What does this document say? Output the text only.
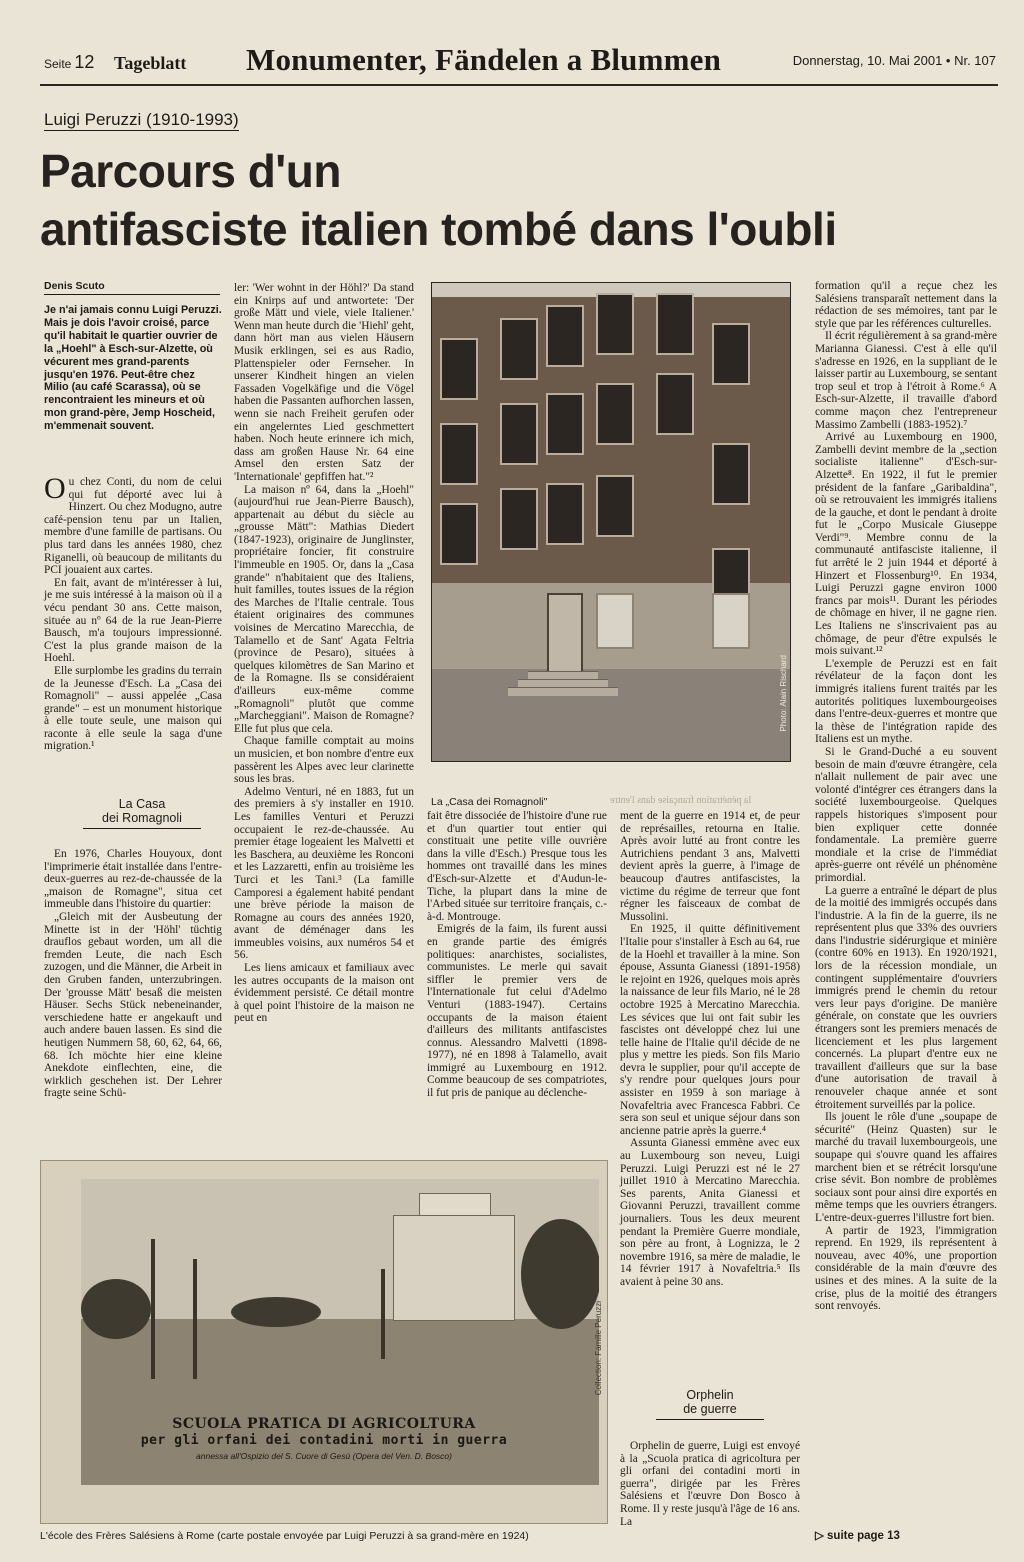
Seite 12 Tageblatt Monumenter, Fändelen a Blummen	Donnerstag, 10. Mai 2001 • Nr. 107
Luigi Peruzzi (1910-1993)
Parcours d'un
antifasciste italien tombé dans l'oubli
Denis Scuto
Je n'ai jamais connu Luigi Peruzzi. Mais je dois l'avoir croisé, parce qu'il habitait le quartier ouvrier de la „Hoehl" à Esch-sur-Alzette, où vécurent mes grand-parents jusqu'en 1976. Peut-être chez Milio (au café Scarassa), où se rencontraient les mineurs et où mon grand-père, Jemp Hoscheid, m'emmenait souvent.

Ou chez Conti, du nom de celui qui fut déporté avec lui à Hinzert. Ou chez Modugno, autre café-pension tenu par un Italien, membre d'une famille de partisans. Ou plus tard dans les années 1980, chez Riganelli, où beaucoup de militants du PCI jouaient aux cartes.

En fait, avant de m'intéresser à lui, je me suis intéressé à la maison où il a vécu pendant 30 ans. Cette maison, située au nº 64 de la rue Jean-Pierre Bausch, m'a toujours impressionné. C'est la plus grande maison de la Hoehl.

Elle surplombe les gradins du terrain de la Jeunesse d'Esch. La „Casa dei Romagnoli" – aussi appelée „Casa grande" – est un monument historique à elle toute seule, une maison qui raconte à elle seule la saga d'une migration.¹

La Casa
dei Romagnoli

En 1976, Charles Houyoux, dont l'imprimerie était installée dans l'entre-deux-guerres au rez-de-chaussée de la „maison de Romagne", situa cet immeuble dans l'histoire du quartier:

„Gleich mit der Ausbeutung der Minette ist in der 'Höhl' tüchtig drauflos gebaut worden, um all die fremden Leute, die nach Esch zuzogen, und die Männer, die Arbeit in den Gruben fanden, unterzubringen. Der 'grousse Mätt' besaß die meisten Häuser. Sechs Stück nebeneinander, verschiedene hatte er angekauft und auch andere bauen lassen. Es sind die heutigen Nummern 58, 60, 62, 64, 66, 68. Ich möchte hier eine kleine Anekdote einflechten, eine, die wirklich geschehen ist. Der Lehrer fragte seine Schü-

ler: 'Wer wohnt in der Höhl?' Da stand ein Knirps auf und antwortete: 'Der große Mätt und viele, viele Italiener.' Wenn man heute durch die 'Hiehl' geht, dann hört man aus vielen Häusern Musik erklingen, sei es aus Radio, Plattenspieler oder Fernseher. In unserer Kindheit hingen an vielen Fassaden Vogelkäfige und die Vögel haben die Passanten aufhorchen lassen, wenn sie nach Freiheit gerufen oder ein angelerntes Lied geschmettert haben. Noch heute erinnere ich mich, dass am großen Hause Nr. 64 eine Amsel den ersten Satz der 'Internationale' gepfiffen hat."²

La maison nº 64, dans la „Hoehl" (aujourd'hui rue Jean-Pierre Bausch), appartenait au début du siècle au „grousse Mätt": Mathias Diedert (1847-1923), originaire de Junglinster, propriétaire foncier, fit construire l'immeuble en 1905. Or, dans la „Casa grande" n'habitaient que des Italiens, huit familles, toutes issues de la région des Marches de l'Italie centrale. Tous étaient originaires des communes voisines de Mercatino Marecchia, de Talamello et de Sant' Agata Feltria (province de Pesaro), situées à quelques kilomètres de San Marino et de la Romagne. Ils se considéraient d'ailleurs eux-même comme „Romagnoli" plutôt que comme „Marcheggiani". Maison de Romagne? Elle fut plus que cela.

Chaque famille comptait au moins un musicien, et bon nombre d'entre eux passèrent les Alpes avec leur clarinette sous les bras.

Adelmo Venturi, né en 1883, fut un des premiers à s'y installer en 1910. Les familles Venturi et Peruzzi occupaient le rez-de-chaussée. Au premier étage logeaient les Malvetti et les Baschera, au deuxième les Ronconi et les Lazzaretti, enfin au troisième les Turci et les Tani.³ (La famille Camporesi a également habité pendant une brève période la maison de Romagne au cours des années 1920, avant de déménager dans les immeubles voisins, aux numéros 54 et 56.

Les liens amicaux et familiaux avec les autres occupants de la maison ont évidemment persisté. Ce détail montre à quel point l'histoire de la maison ne peut en

Photo: Alain Rischard
La „Casa dei Romagnoli"	la pénétration française dans l'entre

fait être dissociée de l'histoire d'une rue et d'un quartier tout entier qui constituait une petite ville ouvrière dans la ville d'Esch.) Presque tous les hommes ont travaillé dans les mines d'Esch-sur-Alzette et d'Audun-le-Tiche, la plupart dans la mine de l'Arbed située sur territoire français, c.-à-d. Montrouge.

Emigrés de la faim, ils furent aussi en grande partie des émigrés politiques: anarchistes, socialistes, communistes. Le merle qui savait siffler le premier vers de l'Internationale fut celui d'Adelmo Venturi (1883-1947). Certains occupants de la maison étaient d'ailleurs des militants antifascistes connus. Alessandro Malvetti (1898-1977), né en 1898 à Talamello, avait immigré au Luxembourg en 1912. Comme beaucoup de ses compatriotes, il fut pris de panique au déclenche-

ment de la guerre en 1914 et, de peur de représailles, retourna en Italie. Après avoir lutté au front contre les Autrichiens pendant 3 ans, Malvetti devient après la guerre, à l'image de beaucoup d'autres antifascistes, la victime du régime de terreur que font régner les faisceaux de combat de Mussolini.

En 1925, il quitte définitivement l'Italie pour s'installer à Esch au 64, rue de la Hoehl et travailler à la mine. Son épouse, Assunta Gianessi (1891-1958) le rejoint en 1926, quelques mois après la naissance de leur fils Mario, né le 28 octobre 1925 à Mercatino Marecchia. Les sévices que lui ont fait subir les fascistes ont développé chez lui une telle haine de l'Italie qu'il décide de ne plus y mettre les pieds. Son fils Mario devra le supplier, pour qu'il accepte de s'y rendre pour quelques jours pour assister en 1959 à son mariage à Novafeltria avec Francesca Fabbri. Ce sera son seul et unique séjour dans son ancienne patrie après la guerre.⁴

Assunta Gianessi emmène avec eux au Luxembourg son neveu, Luigi Peruzzi. Luigi Peruzzi est né le 27 juillet 1910 à Mercatino Marecchia. Ses parents, Anita Gianessi et Giovanni Peruzzi, travaillent comme journaliers. Tous les deux meurent pendant la Première Guerre mondiale, son père au front, à Lognizza, le 2 novembre 1916, sa mère de maladie, le 14 février 1917 à Novafeltria.⁵ Ils avaient à peine 30 ans.

Orphelin
de guerre

Orphelin de guerre, Luigi est envoyé à la „Scuola pratica di agricoltura per gli orfani dei contadini morti in guerra", dirigée par les Frères Salésiens et l'œuvre Don Bosco à Rome. Il y reste jusqu'à l'âge de 16 ans. La

formation qu'il a reçue chez les Salésiens transparaît nettement dans la rédaction de ses mémoires, tant par le style que par les références culturelles.

Il écrit régulièrement à sa grand-mère Marianna Gianessi. C'est à elle qu'il s'adresse en 1926, en la suppliant de le laisser partir au Luxembourg, se sentant trop seul et trop à l'étroit à Rome.⁶ A Esch-sur-Alzette, il travaille d'abord comme maçon chez l'entrepreneur Massimo Zambelli (1883-1952).⁷

Arrivé au Luxembourg en 1900, Zambelli devint membre de la „section socialiste italienne" d'Esch-sur-Alzette⁸. En 1922, il fut le premier président de la fanfare „Garibaldina", où se retrouvaient les immigrés italiens de la gauche, et dont le pendant à droite fut le „Corpo Musicale Giuseppe Verdi"⁹. Membre connu de la communauté antifasciste italienne, il fut arrêté le 2 juin 1944 et déporté à Hinzert et Flossenburg¹⁰. En 1934, Luigi Peruzzi gagne environ 1000 francs par mois¹¹. Durant les périodes de chômage en hiver, il ne gagne rien. Les Italiens ne s'inscrivaient pas au chômage, de peur d'être expulsés le mois suivant.¹²

L'exemple de Peruzzi est en fait révélateur de la façon dont les immigrés italiens furent traités par les autorités politiques luxembourgeoises dans l'entre-deux-guerres et montre que la thèse de l'intégration rapide des Italiens est un mythe.

Si le Grand-Duché a eu souvent besoin de main d'œuvre étrangère, cela n'allait nullement de pair avec une volonté d'intégrer ces étrangers dans la société luxembourgeoise. Quelques rappels historiques s'imposent pour bien expliquer cette donnée fondamentale. La première guerre mondiale et la crise de l'immédiat après-guerre ont révélé un phénomène primordial.

La guerre a entraîné le départ de plus de la moitié des immigrés occupés dans l'industrie. A la fin de la guerre, ils ne représentent plus que 33% des ouvriers dans l'industrie sidérurgique et minière (contre 60% en 1913). En 1920/1921, lors de la récession mondiale, un contingent supplémentaire d'ouvriers immigrés prend le chemin du retour vers leur pays d'origine. De manière générale, on constate que les ouvriers étrangers sont les premiers menacés de licenciement et les plus largement concernés. La plupart d'entre eux ne travaillent d'ailleurs que sur la base d'une autorisation de travail à renouveler chaque année et sont étroitement surveillés par la police.

Ils jouent le rôle d'une „soupape de sécurité" (Heinz Quasten) sur le marché du travail luxembourgeois, une soupape qui s'ouvre quand les affaires marchent bien et se rétrécit lorsqu'une crise sévit. Bon nombre de problèmes sociaux sont pour ainsi dire exportés en même temps que les ouvriers étrangers. L'entre-deux-guerres l'illustre fort bien.

A partir de 1923, l'immigration reprend. En 1929, ils représentent à nouveau, avec 40%, une proportion considérable de la main d'œuvre des usines et des mines. A la suite de la crise, plus de la moitié des étrangers sont renvoyés.

SCUOLA PRATICA DI AGRICOLTURA
per gli orfani dei contadini morti in guerra
annessa all'Ospizio del S. Cuore di Gesù (Opera del Ven. D. Bosco)
Collection: Famille Peruzzi
L'école des Frères Salésiens à Rome (carte postale envoyée par Luigi Peruzzi à sa grand-mère en 1924)	▷ suite page 13
